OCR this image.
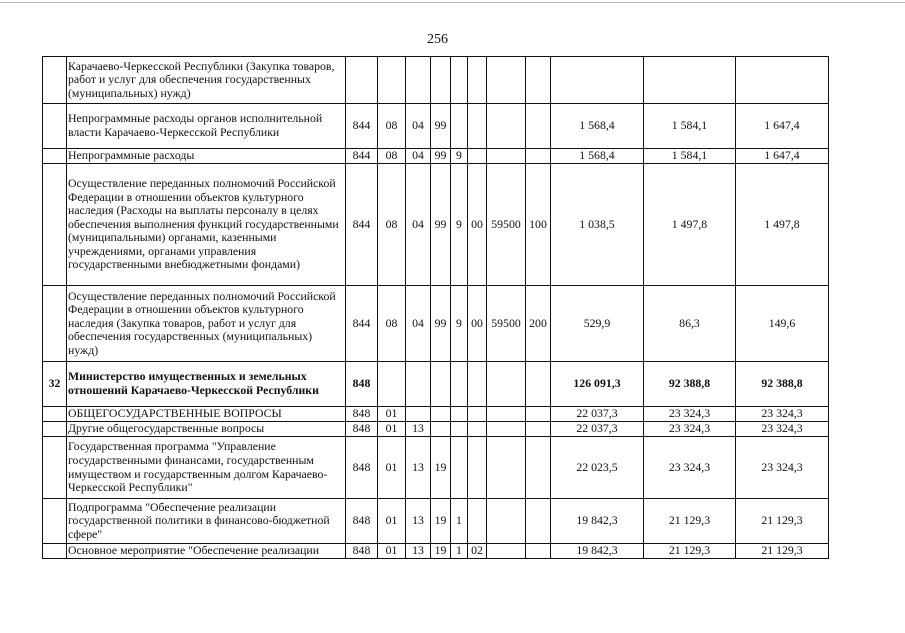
256
	Карачаево-Черкесской Республики (Закупка товаров, работ и услуг для обеспечения государственных (муниципальных) нужд)											
	Непрограммные расходы органов исполнительной власти Карачаево-Черкесской Республики	844	08	04	99					1 568,4	1 584,1	1 647,4
	Непрограммные расходы	844	08	04	99	9				1 568,4	1 584,1	1 647,4
	Осуществление переданных полномочий Российской Федерации в отношении объектов культурного наследия (Расходы на выплаты персоналу в целях обеспечения выполнения функций государственными (муниципальными) органами, казенными учреждениями, органами управления государственными внебюджетными фондами)	844	08	04	99	9	00	59500	100	1 038,5	1 497,8	1 497,8
	Осуществление переданных полномочий Российской Федерации в отношении объектов культурного наследия (Закупка товаров, работ и услуг для обеспечения государственных (муниципальных) нужд)	844	08	04	99	9	00	59500	200	529,9	86,3	149,6
32	Министерство имущественных и земельных отношений Карачаево-Черкесской Республики	848								126 091,3	92 388,8	92 388,8
	ОБЩЕГОСУДАРСТВЕННЫЕ ВОПРОСЫ	848	01							22 037,3	23 324,3	23 324,3
	Другие общегосударственные вопросы	848	01	13						22 037,3	23 324,3	23 324,3
	Государственная программа "Управление государственными финансами, государственным имуществом и государственным долгом Карачаево-Черкесской Республики"	848	01	13	19					22 023,5	23 324,3	23 324,3
	Подпрограмма "Обеспечение реализации государственной политики в финансово-бюджетной сфере"	848	01	13	19	1				19 842,3	21 129,3	21 129,3
	Основное мероприятие "Обеспечение реализации	848	01	13	19	1	02			19 842,3	21 129,3	21 129,3
